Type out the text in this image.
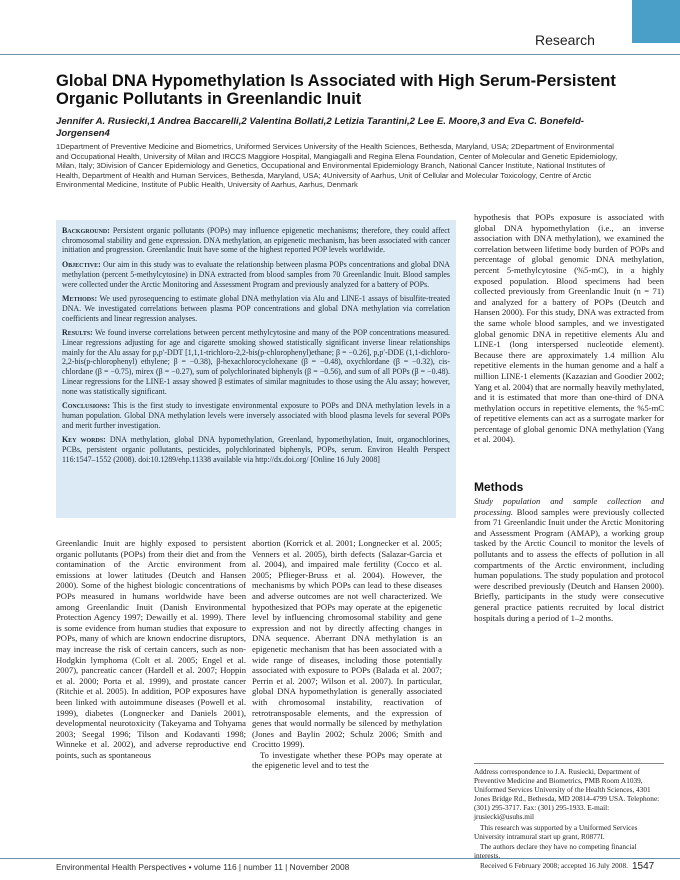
Research
Global DNA Hypomethylation Is Associated with High Serum-Persistent Organic Pollutants in Greenlandic Inuit
Jennifer A. Rusiecki,1 Andrea Baccarelli,2 Valentina Bollati,2 Letizia Tarantini,2 Lee E. Moore,3 and Eva C. Bonefeld-Jorgensen4
1Department of Preventive Medicine and Biometrics, Uniformed Services University of the Health Sciences, Bethesda, Maryland, USA; 2Department of Environmental and Occupational Health, University of Milan and IRCCS Maggiore Hospital, Mangiagalli and Regina Elena Foundation, Center of Molecular and Genetic Epidemiology, Milan, Italy; 3Division of Cancer Epidemiology and Genetics, Occupational and Environmental Epidemiology Branch, National Cancer Institute, National Institutes of Health, Department of Health and Human Services, Bethesda, Maryland, USA; 4University of Aarhus, Unit of Cellular and Molecular Toxicology, Centre of Arctic Environmental Medicine, Institute of Public Health, University of Aarhus, Aarhus, Denmark

Background: Persistent organic pollutants (POPs) may influence epigenetic mechanisms; therefore, they could affect chromosomal stability and gene expression. DNA methylation, an epigenetic mechanism, has been associated with cancer initiation and progression. Greenlandic Inuit have some of the highest reported POP levels worldwide.

Objective: Our aim in this study was to evaluate the relationship between plasma POPs concentrations and global DNA methylation (percent 5-methylcytosine) in DNA extracted from blood samples from 70 Greenlandic Inuit. Blood samples were collected under the Arctic Monitoring and Assessment Program and previously analyzed for a battery of POPs.

Methods: We used pyrosequencing to estimate global DNA methylation via Alu and LINE-1 assays of bisulfite-treated DNA. We investigated correlations between plasma POP concentrations and global DNA methylation via correlation coefficients and linear regression analyses.

Results: We found inverse correlations between percent methylcytosine and many of the POP concentrations measured. Linear regressions adjusting for age and cigarette smoking showed statistically significant inverse linear relationships mainly for the Alu assay for p,p′-DDT [1,1,1-trichloro-2,2-bis(p-chlorophenyl)ethane; β = −0.26], p,p′-DDE (1,1-dichloro-2,2-bis(p-chlorophenyl) ethylene; β = −0.38), β-hexachlorocyclohexane (β = −0.48), oxychlordane (β = −0.32), cis-chlordane (β = −0.75), mirex (β = −0.27), sum of polychlorinated biphenyls (β = −0.56), and sum of all POPs (β = −0.48). Linear regressions for the LINE-1 assay showed β estimates of similar magnitudes to those using the Alu assay; however, none was statistically significant.

Conclusions: This is the first study to investigate environmental exposure to POPs and DNA methylation levels in a human population. Global DNA methylation levels were inversely associated with blood plasma levels for several POPs and merit further investigation.

Key words: DNA methylation, global DNA hypomethylation, Greenland, hypomethylation, Inuit, organochlorines, PCBs, persistent organic pollutants, pesticides, polychlorinated biphenyls, POPs, serum. Environ Health Perspect 116:1547–1552 (2008). doi:10.1289/ehp.11338 available via http://dx.doi.org/ [Online 16 July 2008]

Greenlandic Inuit are highly exposed to persistent organic pollutants (POPs) from their diet and from the contamination of the Arctic environment from emissions at lower latitudes (Deutch and Hansen 2000). Some of the highest biologic concentrations of POPs measured in humans worldwide have been among Greenlandic Inuit (Danish Environmental Protection Agency 1997; Dewailly et al. 1999). There is some evidence from human studies that exposure to POPs, many of which are known endocrine disruptors, may increase the risk of certain cancers, such as non-Hodgkin lymphoma (Colt et al. 2005; Engel et al. 2007), pancreatic cancer (Hardell et al. 2007; Hoppin et al. 2000; Porta et al. 1999), and prostate cancer (Ritchie et al. 2005). In addition, POP exposures have been linked with autoimmune diseases (Powell et al. 1999), diabetes (Longnecker and Daniels 2001), developmental neurotoxicity (Takeyama and Tohyama 2003; Seegal 1996; Tilson and Kodavanti 1998; Winneke et al. 2002), and adverse reproductive end points, such as spontaneous

abortion (Korrick et al. 2001; Longnecker et al. 2005; Venners et al. 2005), birth defects (Salazar-Garcia et al. 2004), and impaired male fertility (Cocco et al. 2005; Pflieger-Bruss et al. 2004). However, the mechanisms by which POPs can lead to these diseases and adverse outcomes are not well characterized. We hypothesized that POPs may operate at the epigenetic level by influencing chromosomal stability and gene expression and not by directly affecting changes in DNA sequence. Aberrant DNA methylation is an epigenetic mechanism that has been associated with a wide range of diseases, including those potentially associated with exposure to POPs (Balada et al. 2007; Perrin et al. 2007; Wilson et al. 2007). In particular, global DNA hypomethylation is generally associated with chromosomal instability, reactivation of retrotransposable elements, and the expression of genes that would normally be silenced by methylation (Jones and Baylin 2002; Schulz 2006; Smith and Crocitto 1999).

To investigate whether these POPs may operate at the epigenetic level and to test the

hypothesis that POPs exposure is associated with global DNA hypomethylation (i.e., an inverse association with DNA methylation), we examined the correlation between lifetime body burden of POPs and percentage of global genomic DNA methylation, percent 5-methylcytosine (%5-mC), in a highly exposed population. Blood specimens had been collected previously from Greenlandic Inuit (n = 71) and analyzed for a battery of POPs (Deutch and Hansen 2000). For this study, DNA was extracted from the same whole blood samples, and we investigated global genomic DNA in repetitive elements Alu and LINE-1 (long interspersed nucleotide element). Because there are approximately 1.4 million Alu repetitive elements in the human genome and a half a million LINE-1 elements (Kazazian and Goodier 2002; Yang et al. 2004) that are normally heavily methylated, and it is estimated that more than one-third of DNA methylation occurs in repetitive elements, the %5-mC of repetitive elements can act as a surrogate marker for percentage of global genomic DNA methylation (Yang et al. 2004).

Methods

Study population and sample collection and processing. Blood samples were previously collected from 71 Greenlandic Inuit under the Arctic Monitoring and Assessment Program (AMAP), a working group tasked by the Arctic Council to monitor the levels of pollutants and to assess the effects of pollution in all compartments of the Arctic environment, including human populations. The study population and protocol were described previously (Deutch and Hansen 2000). Briefly, participants in the study were consecutive general practice patients recruited by local district hospitals during a period of 1–2 months.

Address correspondence to J.A. Rusiecki, Department of Preventive Medicine and Biometrics, PMB Room A1039, Uniformed Services University of the Health Sciences, 4301 Jones Bridge Rd., Bethesda, MD 20814-4799 USA. Telephone: (301) 295-3717. Fax: (301) 295-1933. E-mail: jrusiecki@usuhs.mil

This research was supported by a Uniformed Services University intramural start up grant, R0877I.

The authors declare they have no competing financial interests.

Received 6 February 2008; accepted 16 July 2008.

Environmental Health Perspectives • volume 116 | number 11 | November 2008	1547
